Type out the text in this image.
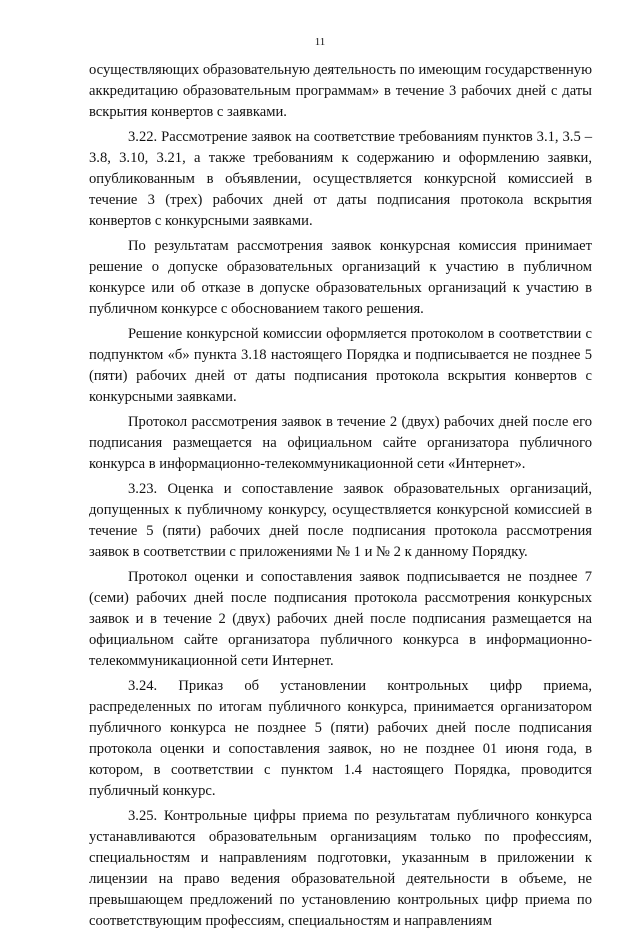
11

осуществляющих образовательную деятельность по имеющим государственную аккредитацию образовательным программам» в течение 3 рабочих дней с даты вскрытия конвертов с заявками.

3.22. Рассмотрение заявок на соответствие требованиям пунктов 3.1, 3.5 – 3.8, 3.10, 3.21, а также требованиям к содержанию и оформлению заявки, опубликованным в объявлении, осуществляется конкурсной комиссией в течение 3 (трех) рабочих дней от даты подписания протокола вскрытия конвертов с конкурсными заявками.

По результатам рассмотрения заявок конкурсная комиссия принимает решение о допуске образовательных организаций к участию в публичном конкурсе или об отказе в допуске образовательных организаций к участию в публичном конкурсе с обоснованием такого решения.

Решение конкурсной комиссии оформляется протоколом в соответствии с подпунктом «б» пункта 3.18 настоящего Порядка и подписывается не позднее 5 (пяти) рабочих дней от даты подписания протокола вскрытия конвертов с конкурсными заявками.

Протокол рассмотрения заявок в течение 2 (двух) рабочих дней после его подписания размещается на официальном сайте организатора публичного конкурса в информационно-телекоммуникационной сети «Интернет».

3.23. Оценка и сопоставление заявок образовательных организаций, допущенных к публичному конкурсу, осуществляется конкурсной комиссией в течение 5 (пяти) рабочих дней после подписания протокола рассмотрения заявок в соответствии с приложениями № 1 и № 2 к данному Порядку.

Протокол оценки и сопоставления заявок подписывается не позднее 7 (семи) рабочих дней после подписания протокола рассмотрения конкурсных заявок и в течение 2 (двух) рабочих дней после подписания размещается на официальном сайте организатора публичного конкурса в информационно-телекоммуникационной сети Интернет.

3.24. Приказ об установлении контрольных цифр приема, распределенных по итогам публичного конкурса, принимается организатором публичного конкурса не позднее 5 (пяти) рабочих дней после подписания протокола оценки и сопоставления заявок, но не позднее 01 июня года, в котором, в соответствии с пунктом 1.4 настоящего Порядка, проводится публичный конкурс.

3.25. Контрольные цифры приема по результатам публичного конкурса устанавливаются образовательным организациям только по профессиям, специальностям и направлениям подготовки, указанным в приложении к лицензии на право ведения образовательной деятельности в объеме, не превышающем предложений по установлению контрольных цифр приема по соответствующим профессиям, специальностям и направлениям
